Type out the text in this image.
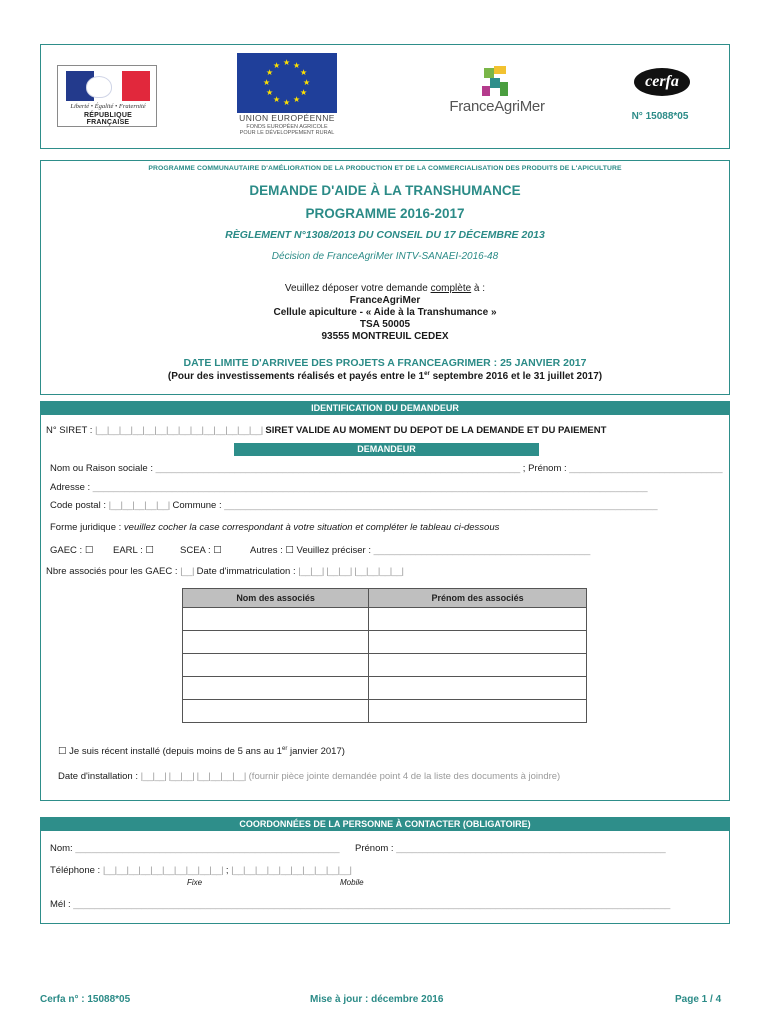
Liberté • Égalité • Fraternité
RÉPUBLIQUE FRANÇAISE
★ ★
★
★
★
★
★
★
★
★
★
★
UNION EUROPÉENNE
FONDS EUROPÉEN AGRICOLE POUR LE DÉVELOPPEMENT RURAL
FranceAgriMer
cerfa
N° 15088*05
PROGRAMME COMMUNAUTAIRE D'AMÉLIORATION DE LA PRODUCTION ET DE LA COMMERCIALISATION DES PRODUITS DE L'APICULTURE
DEMANDE D'AIDE À LA TRANSHUMANCE
PROGRAMME 2016-2017
RÈGLEMENT N°1308/2013 DU CONSEIL DU 17 DÉCEMBRE 2013
Décision de FranceAgriMer INTV-SANAEI-2016-48
Veuillez déposer votre demande complète à :
FranceAgriMer
Cellule apiculture - « Aide à la Transhumance »
TSA 50005
93555 MONTREUIL CEDEX
DATE LIMITE D'ARRIVEE DES PROJETS A FRANCEAGRIMER : 25 JANVIER 2017
(Pour des investissements réalisés et payés entre le 1er septembre 2016 et le 31 juillet 2017)
IDENTIFICATION DU DEMANDEUR
N° SIRET : |__|__|__|__|__|__|__|__|__|__|__|__|__|__| SIRET VALIDE AU MOMENT DU DEPOT DE LA DEMANDE ET DU PAIEMENT
DEMANDEUR
Nom ou Raison sociale : _____________________________________________________________________ ; Prénom : _____________________________
Adresse : _________________________________________________________________________________________________________
Code postal : |__|__|__|__|__| Commune : __________________________________________________________________________________
Forme juridique : veuillez cocher la case correspondant à votre situation et compléter le tableau ci-dessous
GAEC : ☐ EARL : ☐	SCEA : ☐	Autres : ☐ Veuillez préciser : _________________________________________
Nbre associés pour les GAEC : |__| Date d'immatriculation : |__|__| |__|__| |__|__|__|__|
Nom des associés	Prénom des associés

☐ Je suis récent installé (depuis moins de 5 ans au 1er janvier 2017)
Date d'installation : |__|__| |__|__| |__|__|__|__| (fournir pièce jointe demandée point 4 de la liste des documents à joindre)
COORDONNÉES DE LA PERSONNE À CONTACTER (OBLIGATOIRE)
Nom: __________________________________________________ Prénom : ___________________________________________________
Téléphone : |__|__|__|__|__|__|__|__|__|__| ; |__|__|__|__|__|__|__|__|__|__|
Fixe	Mobile
Mél : _________________________________________________________________________________________________________________
Cerfa n° : 15088*05	Mise à jour : décembre 2016	Page 1 / 4
